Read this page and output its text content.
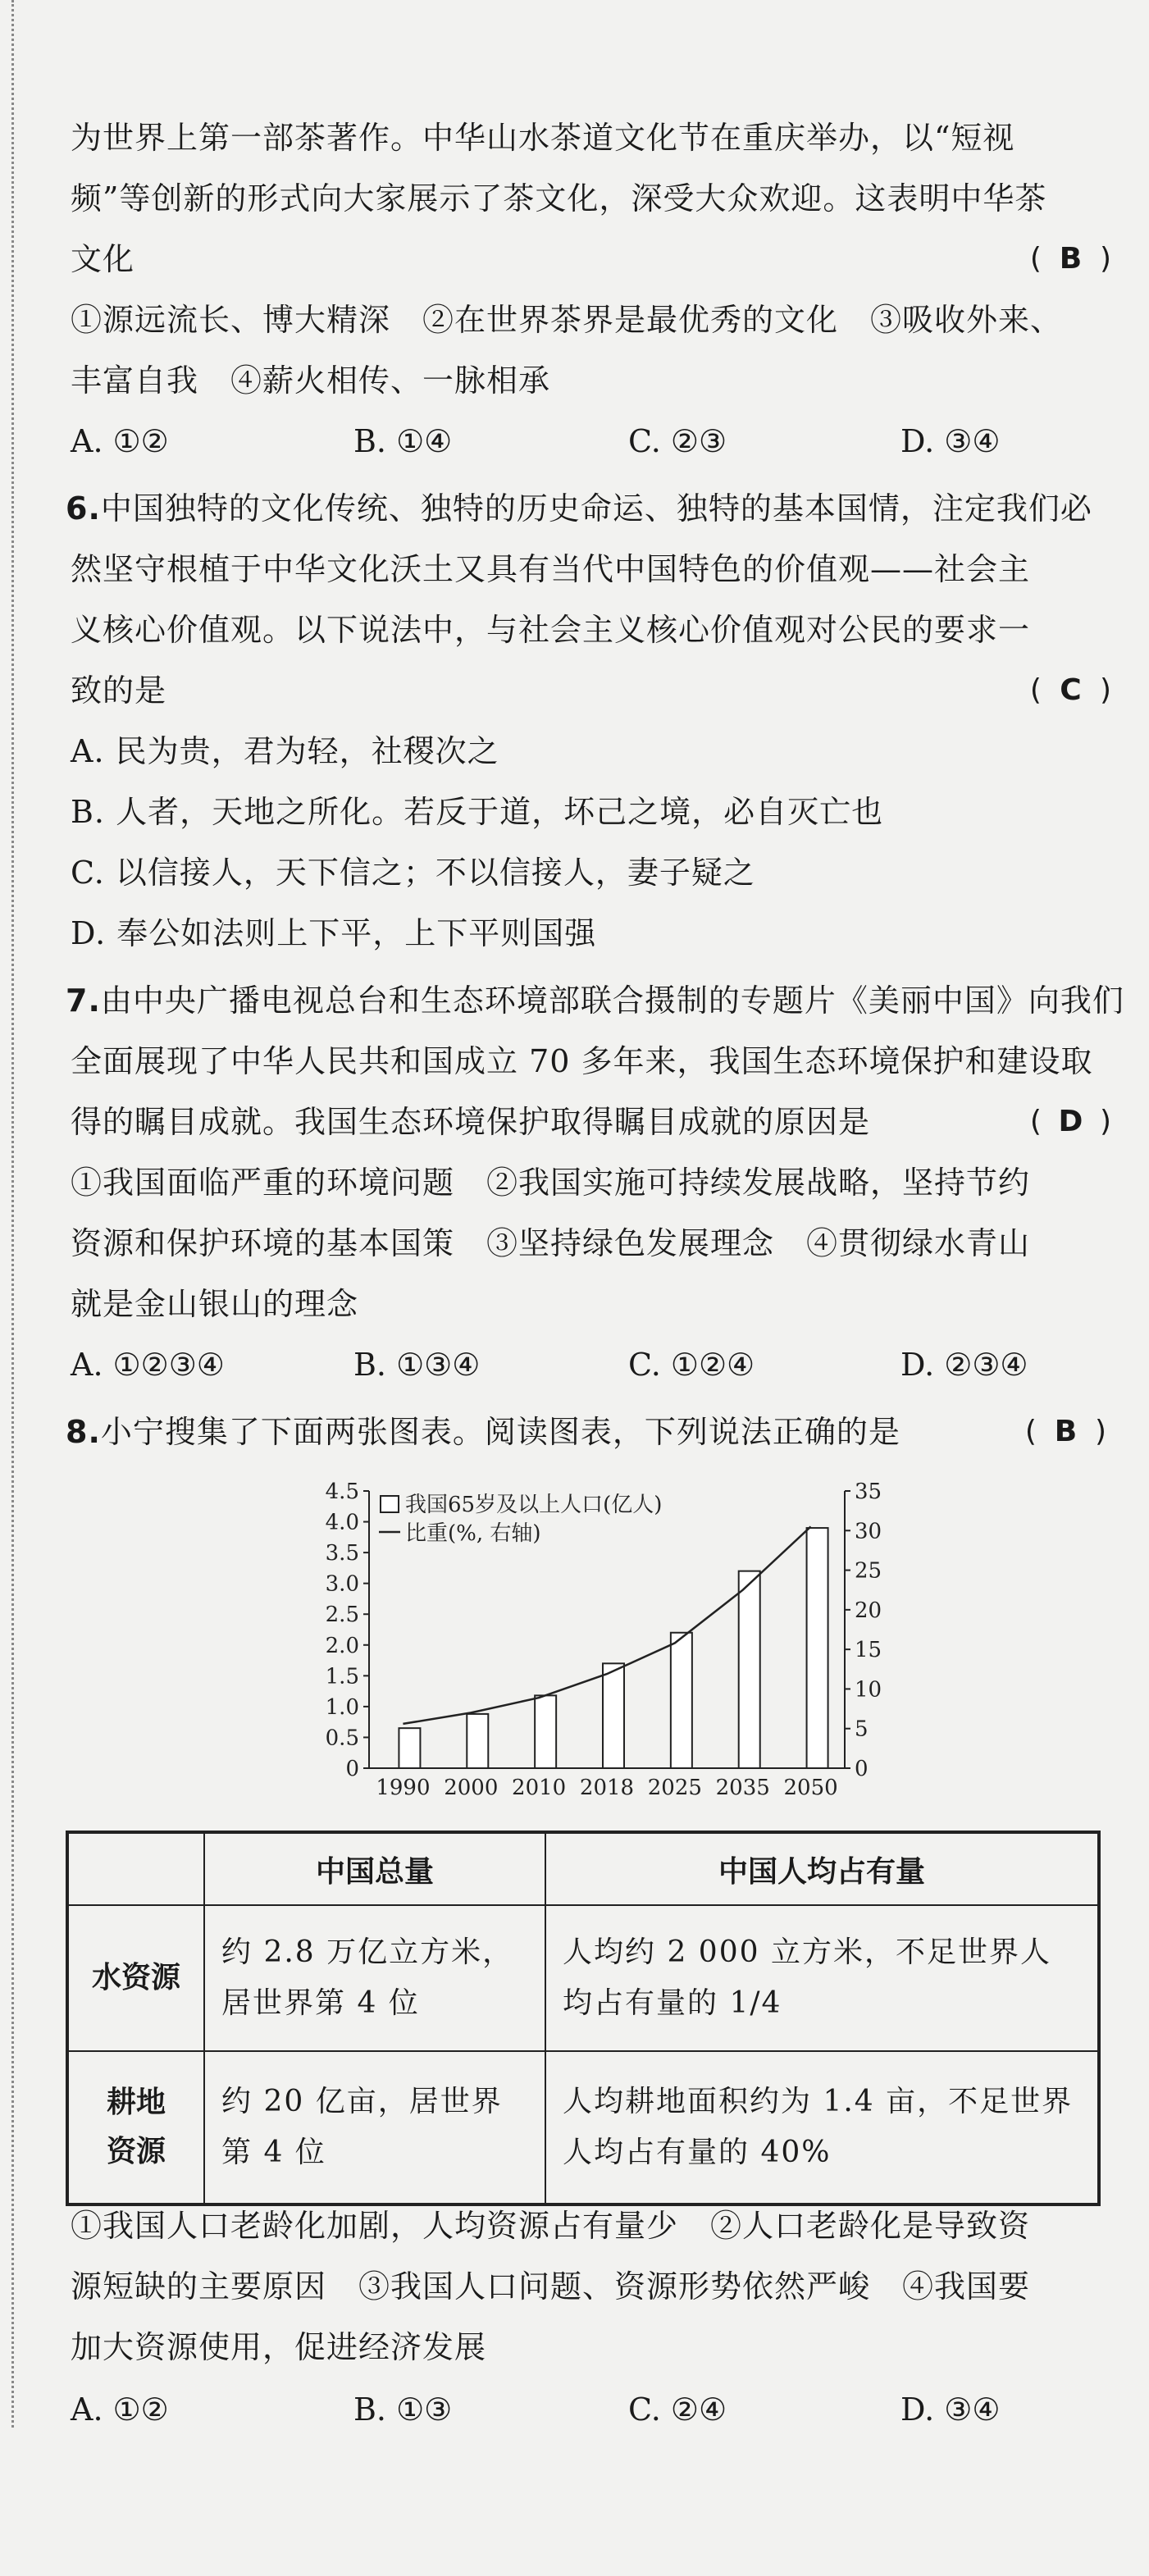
为世界上第一部茶著作。中华山水茶道文化节在重庆举办，以“短视
频”等创新的形式向大家展示了茶文化，深受大众欢迎。这表明中华茶
文化	( B )
①源远流长、博大精深　②在世界茶界是最优秀的文化　③吸收外来、
丰富自我　④薪火相传、一脉相承
A. ①②	B. ①④	C. ②③	D. ③④
6.中国独特的文化传统、独特的历史命运、独特的基本国情，注定我们必
然坚守根植于中华文化沃土又具有当代中国特色的价值观——社会主
义核心价值观。以下说法中，与社会主义核心价值观对公民的要求一
致的是	( C )
A. 民为贵，君为轻，社稷次之
B. 人者，天地之所化。若反于道，坏己之境，必自灭亡也
C. 以信接人，天下信之；不以信接人，妻子疑之
D. 奉公如法则上下平，上下平则国强
7.由中央广播电视总台和生态环境部联合摄制的专题片《美丽中国》向我们
全面展现了中华人民共和国成立 70 多年来，我国生态环境保护和建设取
得的瞩目成就。我国生态环境保护取得瞩目成就的原因是	( D )
①我国面临严重的环境问题　②我国实施可持续发展战略，坚持节约
资源和保护环境的基本国策　③坚持绿色发展理念　④贯彻绿水青山
就是金山银山的理念
A. ①②③④	B. ①③④	C. ①②④	D. ②③④
8.小宁搜集了下面两张图表。阅读图表，下列说法正确的是	( B )
0
0.5
1.0
1.5
2.0
2.5
3.0
3.5
4.0
4.5
0
5
10
15
20
25
30
35
1990 2000 2010 2018 2025 2035 2050
我国65岁及以上人口(亿人)
比重(%, 右轴)
	中国总量	中国人均占有量
水资源	约 2.8 万亿立方米，居世界第 4 位	人均约 2 000 立方米，不足世界人均占有量的 1/4
耕地资源	约 20 亿亩，居世界第 4 位	人均耕地面积约为 1.4 亩，不足世界人均占有量的 40%
①我国人口老龄化加剧，人均资源占有量少　②人口老龄化是导致资
源短缺的主要原因　③我国人口问题、资源形势依然严峻　④我国要
加大资源使用，促进经济发展
A. ①②	B. ①③	C. ②④	D. ③④
